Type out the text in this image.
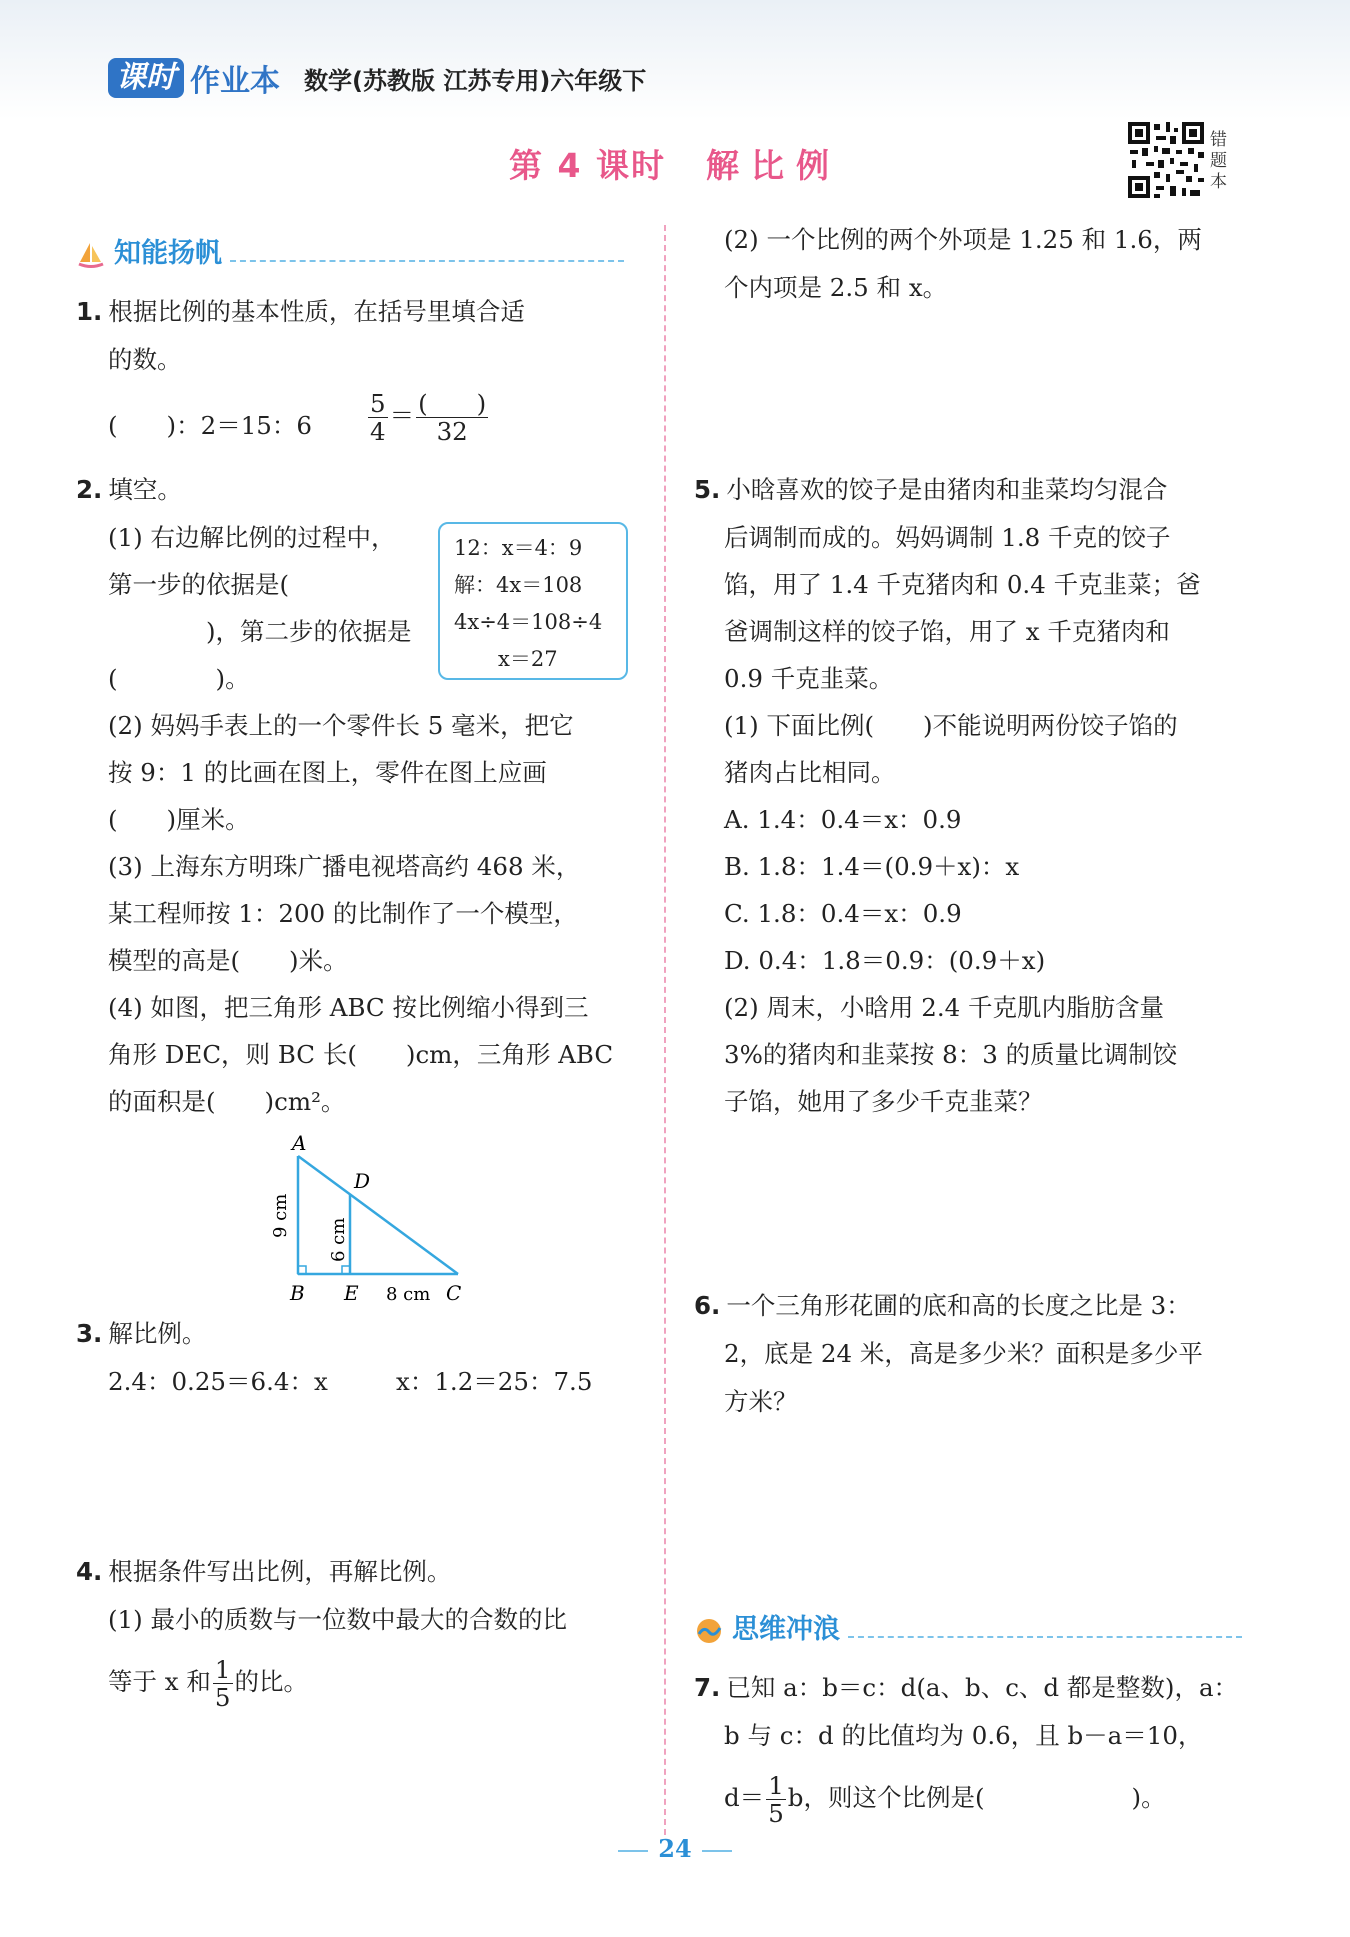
课时 作业本 数学(苏教版 江苏专用)六年级下
第 4 课时 解比例
错
题
本
知能扬帆
1. 根据比例的基本性质，在括号里填合适
的数。
(　　)：2＝15：$6 \frac{5}{4} = \frac{( )}{32}$
2. 填空。
(1) 右边解比例的过程中，
第一步的依据是(
　　　　)，第二步的依据是
(　　　　)。
12：x＝4：9
解：4x＝108
4x÷4＝108÷4
x＝27
(2) 妈妈手表上的一个零件长 5 毫米，把它
按 9：1 的比画在图上，零件在图上应画
(　　)厘米。
(3) 上海东方明珠广播电视塔高约 468 米，
某工程师按 1：200 的比制作了一个模型，
模型的高是(　　)米。
(4) 如图，把三角形 ABC 按比例缩小得到三
角形 DEC，则 BC 长(　　)cm，三角形 ABC
的面积是(　　)cm²。
A
D
B E	C
8 cm
9 cm
6 cm
3. 解比例。
2.4：0.25＝6.4：x	x：1.2＝25：7.5
4. 根据条件写出比例，再解比例。
(1) 最小的质数与一位数中最大的合数的比
等于 x 和 $\frac{1}{5}$ 的比。
(2) 一个比例的两个外项是 1.25 和 1.6，两
个内项是 2.5 和 x。
5. 小晗喜欢的饺子是由猪肉和韭菜均匀混合
后调制而成的。妈妈调制 1.8 千克的饺子
馅，用了 1.4 千克猪肉和 0.4 千克韭菜；爸
爸调制这样的饺子馅，用了 x 千克猪肉和
0.9 千克韭菜。
(1) 下面比例(　　)不能说明两份饺子馅的
猪肉占比相同。
A. 1.4：0.4＝x：0.9
B. 1.8：1.4＝(0.9＋x)：x
C. 1.8：0.4＝x：0.9
D. 0.4：1.8＝0.9：(0.9＋x)
(2) 周末，小晗用 2.4 千克肌内脂肪含量
3%的猪肉和韭菜按 8：3 的质量比调制饺
子馅，她用了多少千克韭菜？
6. 一个三角形花圃的底和高的长度之比是 3：
2，底是 24 米，高是多少米？面积是多少平
方米？
思维冲浪
7. 已知 a：b＝c：d(a、b、c、d 都是整数)，a：
b 与 c：d 的比值均为 0.6，且 b－a＝10，
$d= \frac{1}{5}$ b，则这个比例是(　　　　　　)。
24
